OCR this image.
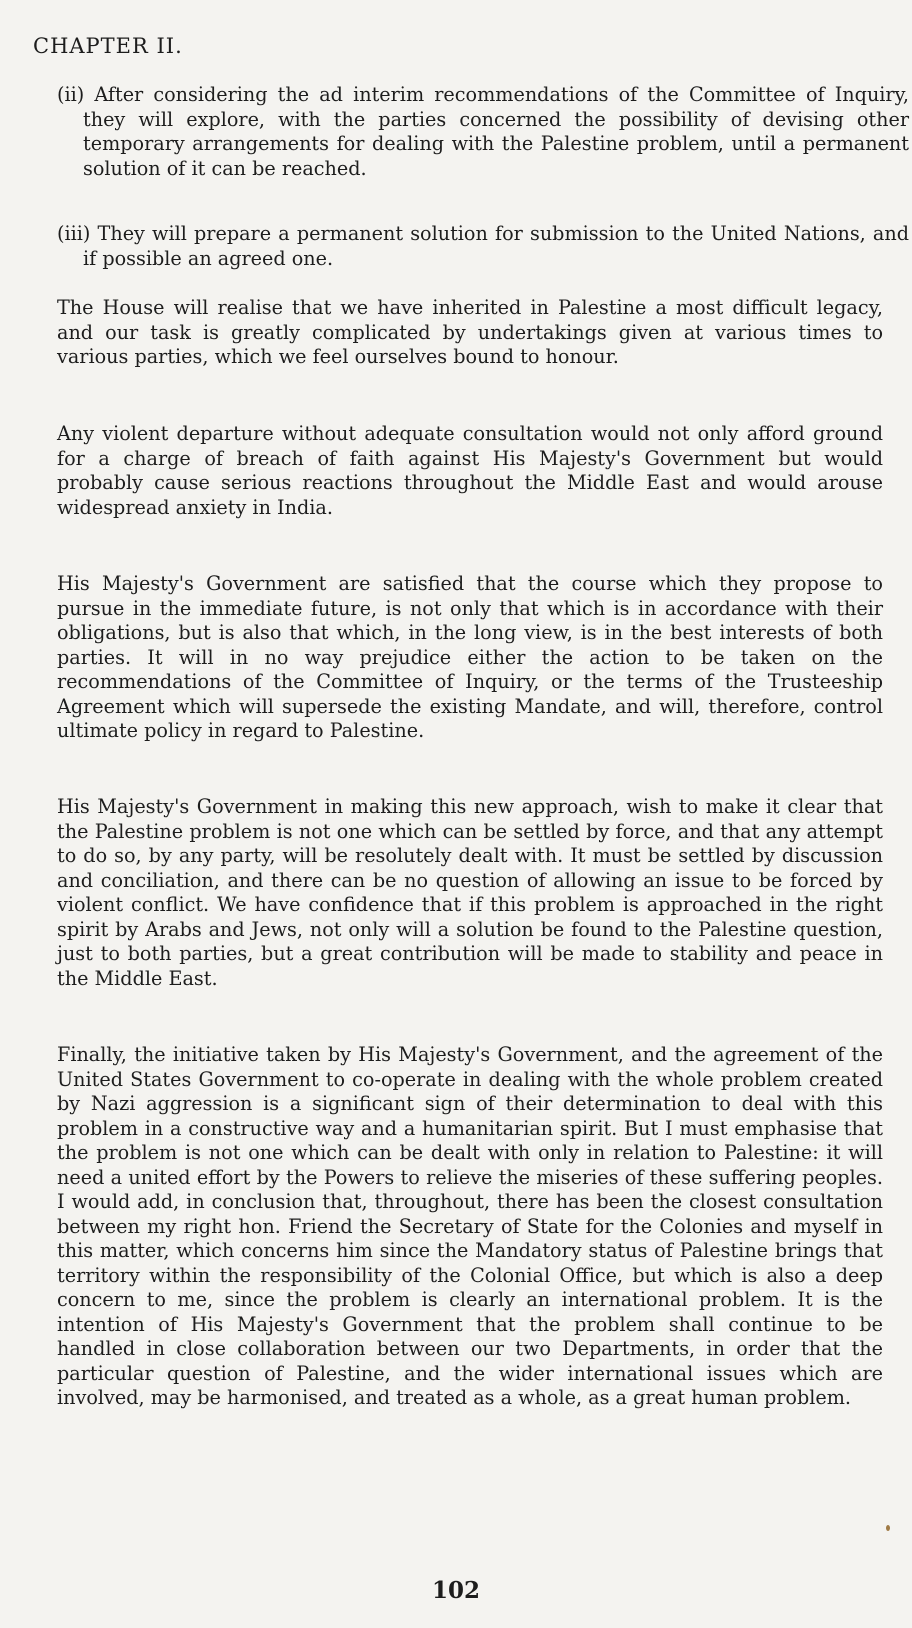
CHAPTER II.
(ii) After considering the ad interim recommendations of the Committee of Inquiry, they will explore, with the parties concerned the possibility of devising other temporary arrangements for dealing with the Palestine problem, until a permanent solution of it can be reached.
(iii) They will prepare a permanent solution for submission to the United Nations, and if possible an agreed one.
The House will realise that we have inherited in Palestine a most difficult legacy, and our task is greatly complicated by undertakings given at various times to various parties, which we feel ourselves bound to honour.
Any violent departure without adequate consultation would not only afford ground for a charge of breach of faith against His Majesty's Government but would probably cause serious reactions throughout the Middle East and would arouse widespread anxiety in India.
His Majesty's Government are satisfied that the course which they propose to pursue in the immediate future, is not only that which is in accordance with their obligations, but is also that which, in the long view, is in the best interests of both parties. It will in no way prejudice either the action to be taken on the recommendations of the Committee of Inquiry, or the terms of the Trusteeship Agreement which will supersede the existing Mandate, and will, therefore, control ultimate policy in regard to Palestine.
His Majesty's Government in making this new approach, wish to make it clear that the Palestine problem is not one which can be settled by force, and that any attempt to do so, by any party, will be resolutely dealt with. It must be settled by discussion and conciliation, and there can be no question of allowing an issue to be forced by violent conflict. We have confidence that if this problem is approached in the right spirit by Arabs and Jews, not only will a solution be found to the Palestine question, just to both parties, but a great contribution will be made to stability and peace in the Middle East.
Finally, the initiative taken by His Majesty's Government, and the agreement of the United States Government to co-operate in dealing with the whole problem created by Nazi aggression is a significant sign of their determination to deal with this problem in a constructive way and a humanitarian spirit. But I must emphasise that the problem is not one which can be dealt with only in relation to Palestine: it will need a united effort by the Powers to relieve the miseries of these suffering peoples. I would add, in conclusion that, throughout, there has been the closest consultation between my right hon. Friend the Secretary of State for the Colonies and myself in this matter, which concerns him since the Mandatory status of Palestine brings that territory within the responsibility of the Colonial Office, but which is also a deep concern to me, since the problem is clearly an international problem. It is the intention of His Majesty's Government that the problem shall continue to be handled in close collaboration between our two Departments, in order that the particular question of Palestine, and the wider international issues which are involved, may be harmonised, and treated as a whole, as a great human problem.
102
